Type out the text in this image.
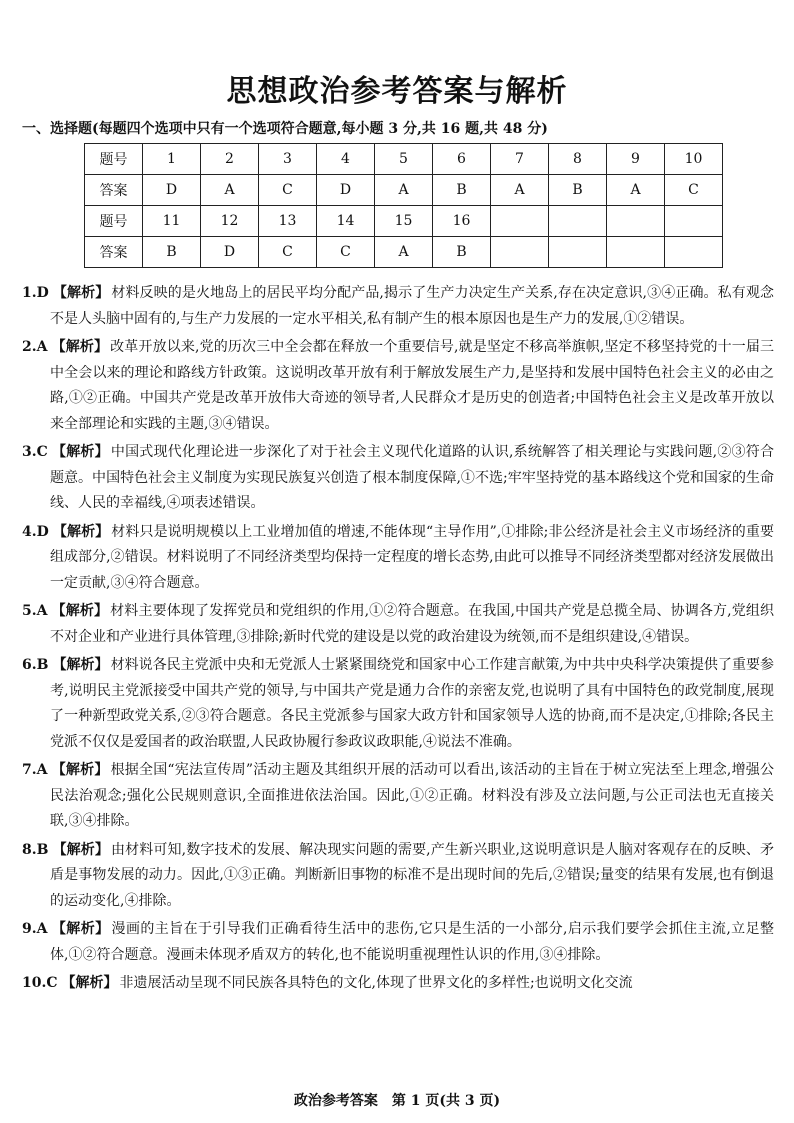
思想政治参考答案与解析
一、选择题(每题四个选项中只有一个选项符合题意,每小题 3 分,共 16 题,共 48 分)
题号	1	2	3	4	5	6	7	8	9	10
答案	D	A	C	D	A	B	A	B	A	C
题号	11	12	13	14	15	16				
答案	B	D	C	C	A	B				
1.D 【解析】 材料反映的是火地岛上的居民平均分配产品,揭示了生产力决定生产关系,存在决定意识,③④正确。私有观念不是人头脑中固有的,与生产力发展的一定水平相关,私有制产生的根本原因也是生产力的发展,①②错误。
2.A 【解析】 改革开放以来,党的历次三中全会都在释放一个重要信号,就是坚定不移高举旗帜,坚定不移坚持党的十一届三中全会以来的理论和路线方针政策。这说明改革开放有利于解放发展生产力,是坚持和发展中国特色社会主义的必由之路,①②正确。中国共产党是改革开放伟大奇迹的领导者,人民群众才是历史的创造者;中国特色社会主义是改革开放以来全部理论和实践的主题,③④错误。
3.C 【解析】 中国式现代化理论进一步深化了对于社会主义现代化道路的认识,系统解答了相关理论与实践问题,②③符合题意。中国特色社会主义制度为实现民族复兴创造了根本制度保障,①不选;牢牢坚持党的基本路线这个党和国家的生命线、人民的幸福线,④项表述错误。
4.D 【解析】 材料只是说明规模以上工业增加值的增速,不能体现“主导作用”,①排除;非公经济是社会主义市场经济的重要组成部分,②错误。材料说明了不同经济类型均保持一定程度的增长态势,由此可以推导不同经济类型都对经济发展做出一定贡献,③④符合题意。
5.A 【解析】 材料主要体现了发挥党员和党组织的作用,①②符合题意。在我国,中国共产党是总揽全局、协调各方,党组织不对企业和产业进行具体管理,③排除;新时代党的建设是以党的政治建设为统领,而不是组织建设,④错误。
6.B 【解析】 材料说各民主党派中央和无党派人士紧紧围绕党和国家中心工作建言献策,为中共中央科学决策提供了重要参考,说明民主党派接受中国共产党的领导,与中国共产党是通力合作的亲密友党,也说明了具有中国特色的政党制度,展现了一种新型政党关系,②③符合题意。各民主党派参与国家大政方针和国家领导人选的协商,而不是决定,①排除;各民主党派不仅仅是爱国者的政治联盟,人民政协履行参政议政职能,④说法不准确。
7.A 【解析】 根据全国“宪法宣传周”活动主题及其组织开展的活动可以看出,该活动的主旨在于树立宪法至上理念,增强公民法治观念;强化公民规则意识,全面推进依法治国。因此,①②正确。材料没有涉及立法问题,与公正司法也无直接关联,③④排除。
8.B 【解析】 由材料可知,数字技术的发展、解决现实问题的需要,产生新兴职业,这说明意识是人脑对客观存在的反映、矛盾是事物发展的动力。因此,①③正确。判断新旧事物的标准不是出现时间的先后,②错误;量变的结果有发展,也有倒退的运动变化,④排除。
9.A 【解析】 漫画的主旨在于引导我们正确看待生活中的悲伤,它只是生活的一小部分,启示我们要学会抓住主流,立足整体,①②符合题意。漫画未体现矛盾双方的转化,也不能说明重视理性认识的作用,③④排除。
10.C 【解析】 非遗展活动呈现不同民族各具特色的文化,体现了世界文化的多样性;也说明文化交流
政治参考答案　第 1 页(共 3 页)
